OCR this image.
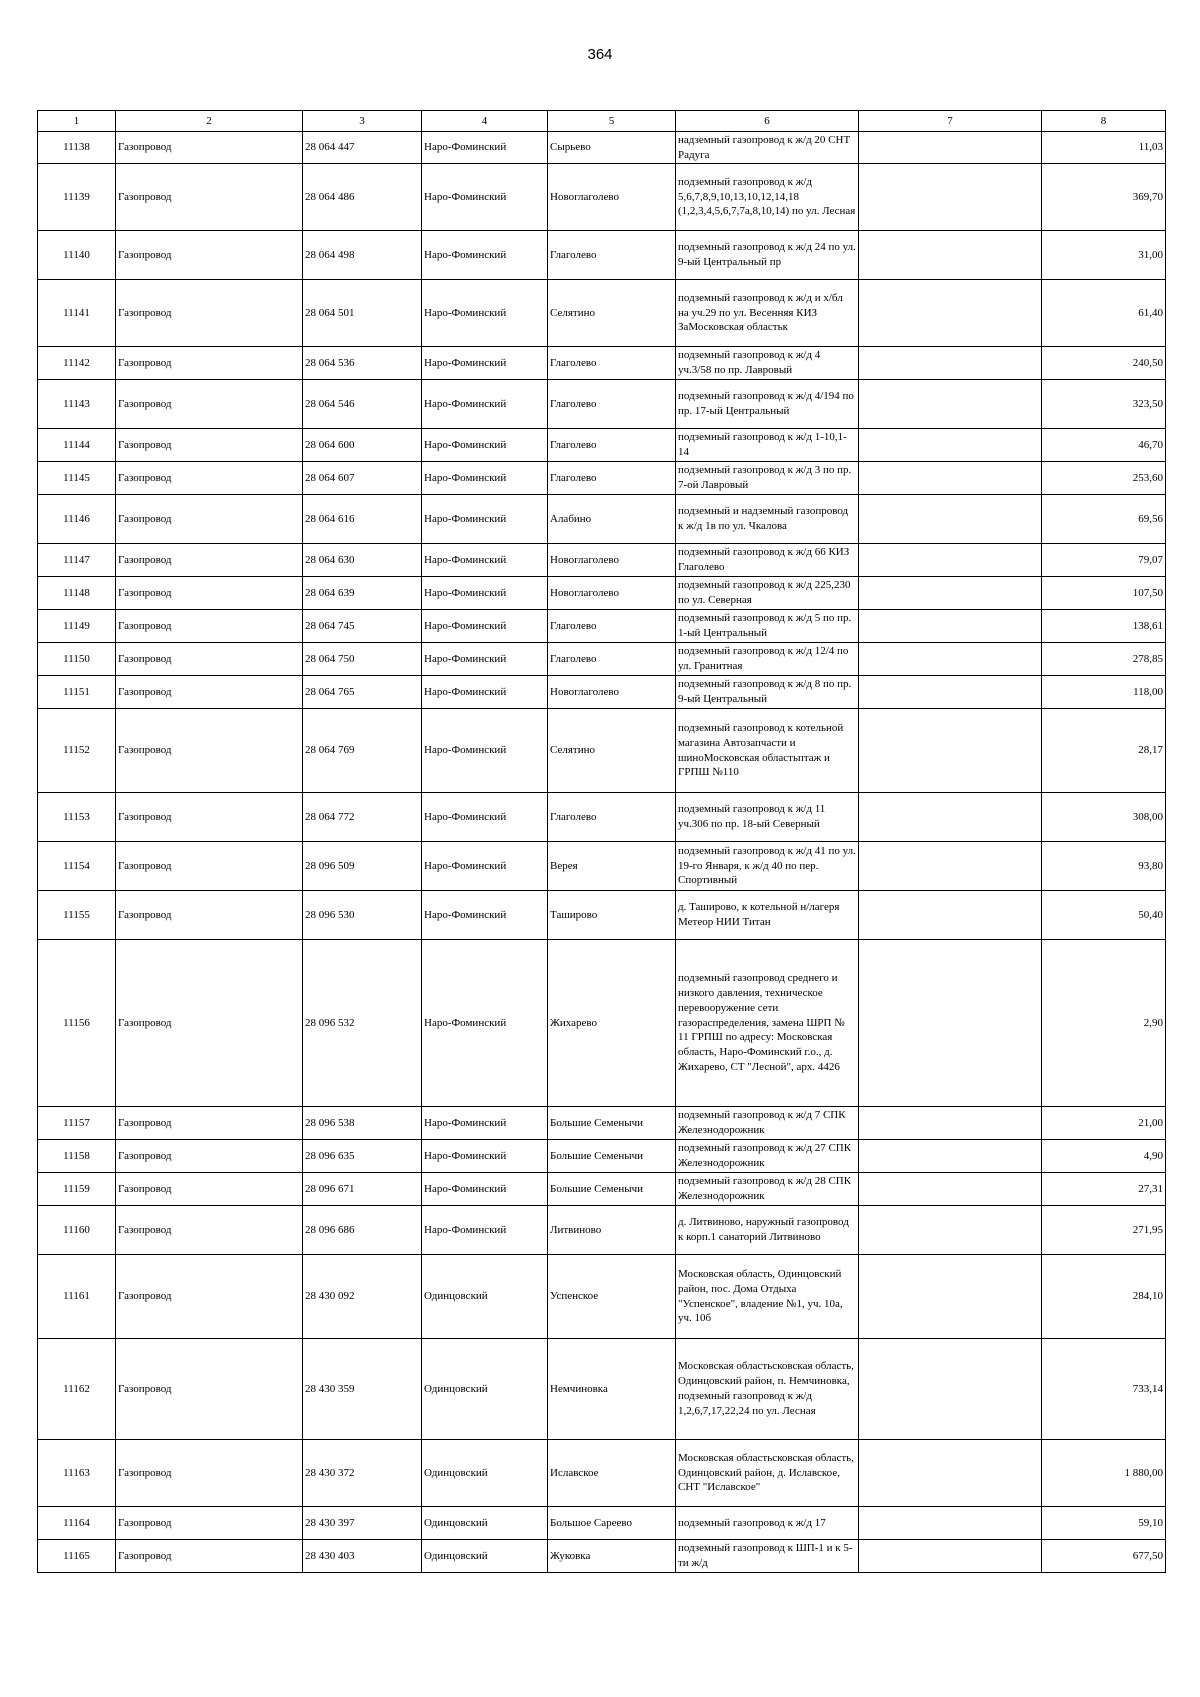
364
1	2	3	4	5	6	7	8
11138	Газопровод	28 064 447	Наро-Фоминский	Сырьево	надземный газопровод к ж/д 20 СНТ Радуга		11,03
11139	Газопровод	28 064 486	Наро-Фоминский	Новоглаголево	подземный газопровод к ж/д 5,6,7,8,9,10,13,10,12,14,18 (1,2,3,4,5,6,7,7а,8,10,14) по ул. Лесная		369,70
11140	Газопровод	28 064 498	Наро-Фоминский	Глаголево	подземный газопровод к ж/д 24 по ул. 9-ый Центральный пр		31,00
11141	Газопровод	28 064 501	Наро-Фоминский	Селятино	подземный газопровод к ж/д и х/бл на уч.29 по ул. Весенняя КИЗ ЗаМосковская областьк		61,40
11142	Газопровод	28 064 536	Наро-Фоминский	Глаголево	подземный газопровод к ж/д 4 уч.3/58 по пр. Лавровый		240,50
11143	Газопровод	28 064 546	Наро-Фоминский	Глаголево	подземный газопровод к ж/д 4/194 по пр. 17-ый Центральный		323,50
11144	Газопровод	28 064 600	Наро-Фоминский	Глаголево	подземный газопровод к ж/д 1-10,1-14		46,70
11145	Газопровод	28 064 607	Наро-Фоминский	Глаголево	подземный газопровод к ж/д 3 по пр. 7-ой Лавровый		253,60
11146	Газопровод	28 064 616	Наро-Фоминский	Алабино	подземный и надземный газопровод к ж/д 1в по ул. Чкалова		69,56
11147	Газопровод	28 064 630	Наро-Фоминский	Новоглаголево	подземный газопровод к ж/д 66 КИЗ Глаголево		79,07
11148	Газопровод	28 064 639	Наро-Фоминский	Новоглаголево	подземный газопровод к ж/д 225,230 по ул. Северная		107,50
11149	Газопровод	28 064 745	Наро-Фоминский	Глаголево	подземный газопровод к ж/д 5 по пр. 1-ый Центральный		138,61
11150	Газопровод	28 064 750	Наро-Фоминский	Глаголево	подземный газопровод к ж/д 12/4 по ул. Гранитная		278,85
11151	Газопровод	28 064 765	Наро-Фоминский	Новоглаголево	подземный газопровод к ж/д 8 по пр. 9-ый Центральный		118,00
11152	Газопровод	28 064 769	Наро-Фоминский	Селятино	подземный газопровод к котельной магазина Автозапчасти и шиноМосковская областьптаж и ГРПШ №110		28,17
11153	Газопровод	28 064 772	Наро-Фоминский	Глаголево	подземный газопровод к ж/д 11 уч.306 по пр. 18-ый Северный		308,00
11154	Газопровод	28 096 509	Наро-Фоминский	Верея	подземный газопровод к ж/д 41 по ул. 19-го Января, к ж/д 40 по пер. Спортивный		93,80
11155	Газопровод	28 096 530	Наро-Фоминский	Таширово	д. Таширово, к котельной н/лагеря Метеор НИИ Титан		50,40
11156	Газопровод	28 096 532	Наро-Фоминский	Жихарево	подземный газопровод среднего и низкого давления, техническое перевооружение сети газораспределения, замена ШРП № 11 ГРПШ по адресу: Московская область, Наро-Фоминский г.о., д. Жихарево, СТ "Лесной", арх. 4426		2,90
11157	Газопровод	28 096 538	Наро-Фоминский	Большие Семенычи	подземный газопровод к ж/д 7 СПК Железнодорожник		21,00
11158	Газопровод	28 096 635	Наро-Фоминский	Большие Семенычи	подземный газопровод к ж/д 27 СПК Железнодорожник		4,90
11159	Газопровод	28 096 671	Наро-Фоминский	Большие Семенычи	подземный газопровод к ж/д 28 СПК Железнодорожник		27,31
11160	Газопровод	28 096 686	Наро-Фоминский	Литвиново	д. Литвиново, наружный газопровод к корп.1 санаторий Литвиново		271,95
11161	Газопровод	28 430 092	Одинцовский	Успенское	Московская область, Одинцовский район, пос. Дома Отдыха "Успенское", владение №1, уч. 10а, уч. 10б		284,10
11162	Газопровод	28 430 359	Одинцовский	Немчиновка	Московская областьсковская область, Одинцовский район, п. Немчиновка, подземный газопровод к ж/д 1,2,6,7,17,22,24 по ул. Лесная		733,14
11163	Газопровод	28 430 372	Одинцовский	Иславское	Московская областьсковская область, Одинцовский район, д. Иславское, СНТ "Иславское"		1 880,00
11164	Газопровод	28 430 397	Одинцовский	Большое Сареево	подземный газопровод к ж/д 17		59,10
11165	Газопровод	28 430 403	Одинцовский	Жуковка	подземный газопровод к ШП-1 и к 5-ти ж/д		677,50
